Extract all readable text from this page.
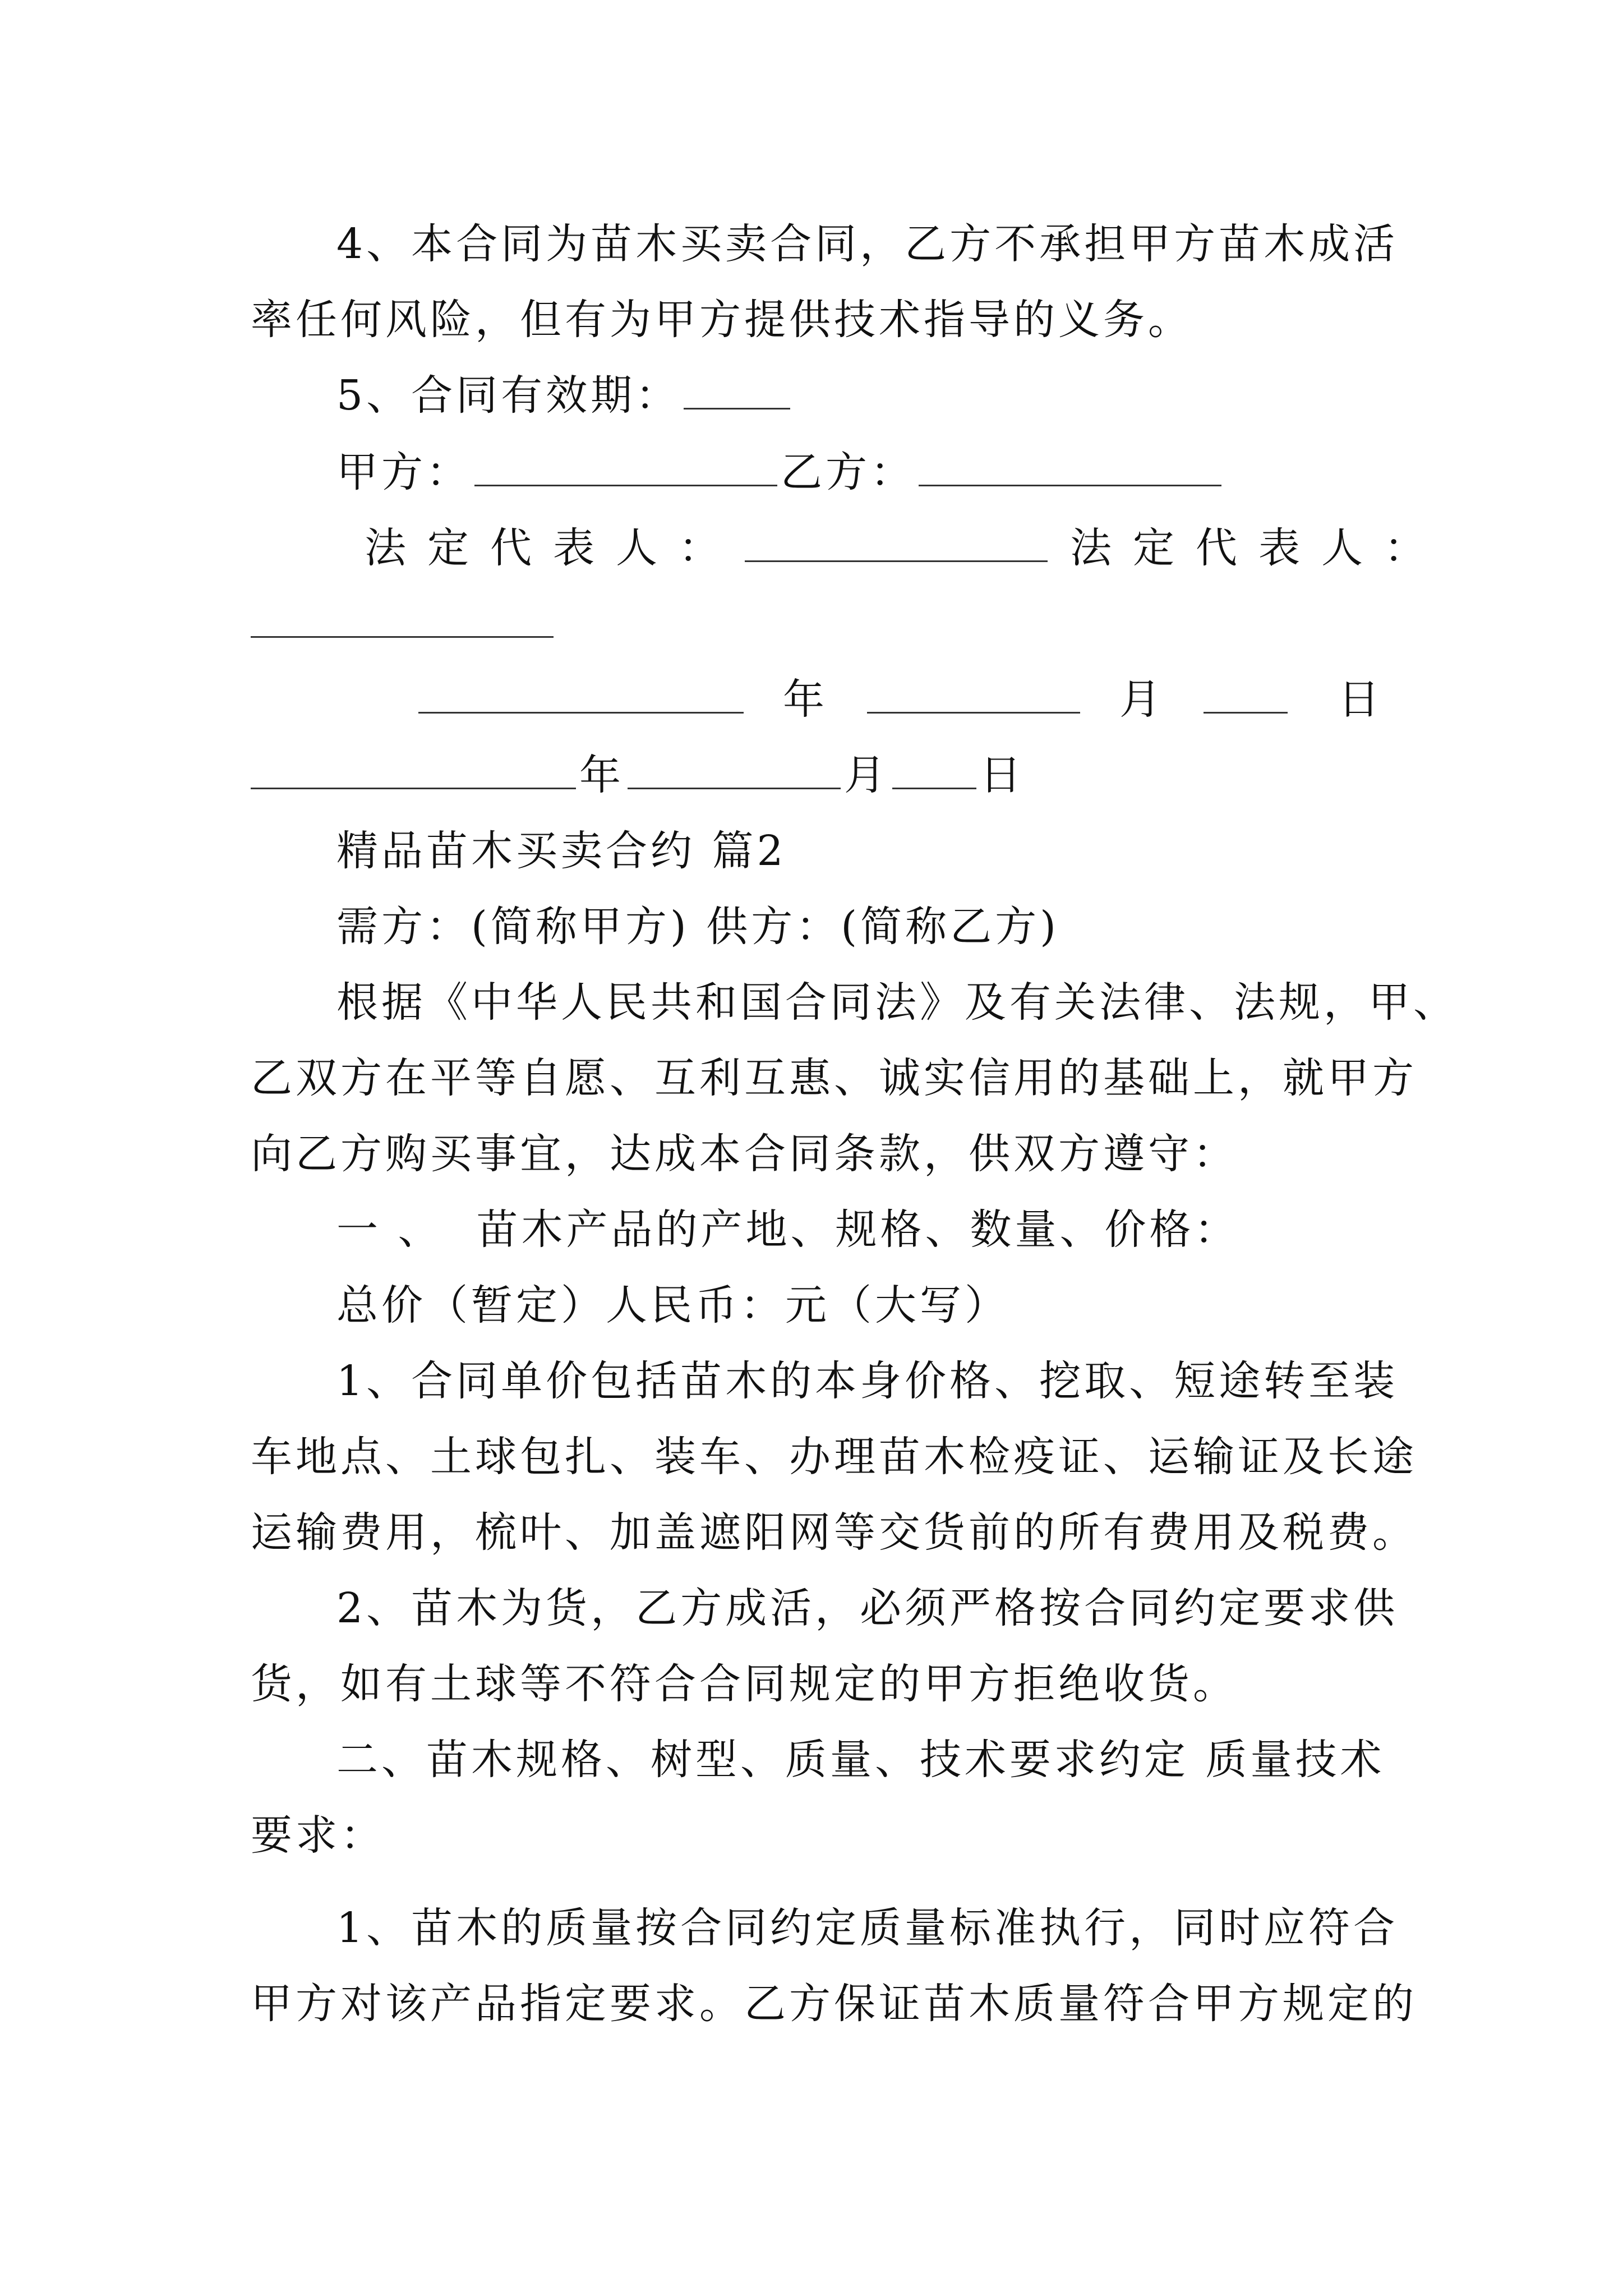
4、本合同为苗木买卖合同，乙方不承担甲方苗木成活
率任何风险，但有为甲方提供技术指导的义务。
5、合同有效期：
甲方：	乙方：
法定代表人：	法定代表人：
年	月	日
年	月 日
精品苗木买卖合约 篇2
需方：(简称甲方) 供方：(简称乙方)
根据《中华人民共和国合同法》及有关法律、法规，甲、
乙双方在平等自愿、互利互惠、诚实信用的基础上，就甲方
向乙方购买事宜，达成本合同条款，供双方遵守：
一 、 苗木产品的产地、规格、数量、价格：
总价（暂定）人民币：元（大写）
1、合同单价包括苗木的本身价格、挖取、短途转至装
车地点、土球包扎、装车、办理苗木检疫证、运输证及长途
运输费用，梳叶、加盖遮阳网等交货前的所有费用及税费。
2、苗木为货，乙方成活，必须严格按合同约定要求供
货，如有土球等不符合合同规定的甲方拒绝收货。
二、苗木规格、树型、质量、技术要求约定 质量技术
要求：
1、苗木的质量按合同约定质量标准执行，同时应符合
甲方对该产品指定要求。乙方保证苗木质量符合甲方规定的
